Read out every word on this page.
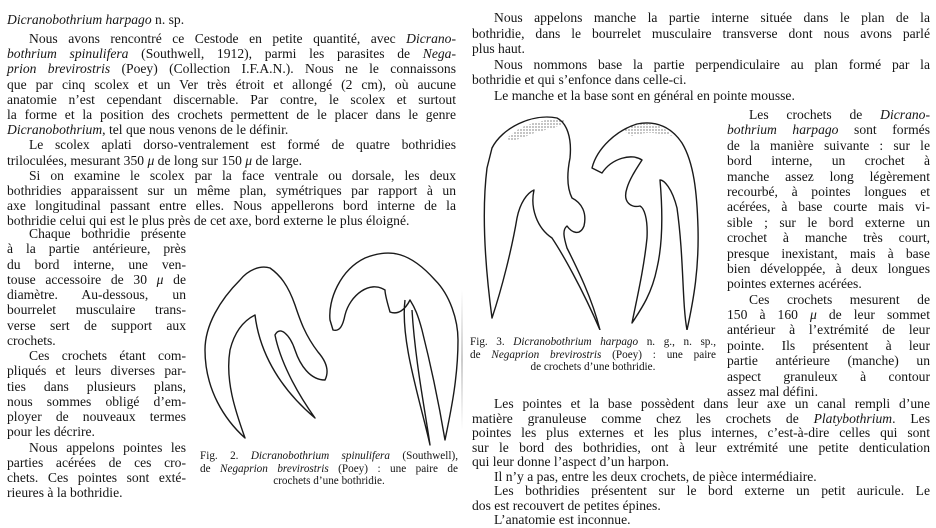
Dicranobothrium harpago n. sp.
Nous avons rencontré ce Cestode en petite quantité, avec Dicrano-
bothrium spinulifera (Southwell, 1912), parmi les parasites de Nega-
prion brevirostris (Poey) (Collection I.F.A.N.). Nous ne le connaissons
que par cinq scolex et un Ver très étroit et allongé (2 cm), où aucune
anatomie n’est cependant discernable. Par contre, le scolex et surtout
la forme et la position des crochets permettent de le placer dans le genre
Dicranobothrium, tel que nous venons de le définir.
Le scolex aplati dorso-ventralement est formé de quatre bothridies
triloculées, mesurant 350 μ de long sur 150 μ de large.
Si on examine le scolex par la face ventrale ou dorsale, les deux
bothridies apparaissent sur un même plan, symétriques par rapport à un
axe longitudinal passant entre elles. Nous appellerons bord interne de la
bothridie celui qui est le plus près de cet axe, bord externe le plus éloigné.
Chaque bothridie présente
à la partie antérieure, près
du bord interne, une ven-
touse accessoire de 30 μ de
diamètre. Au-dessous, un
bourrelet musculaire trans-
verse sert de support aux
crochets.
Ces crochets étant com-
pliqués et leurs diverses par-
ties dans plusieurs plans,
nous sommes obligé d’em-
ployer de nouveaux termes
pour les décrire.
Nous appelons pointes les
parties acérées de ces cro-
chets. Ces pointes sont exté-
rieures à la bothridie.
Fig. 2. Dicranobothrium spinulifera (Southwell),
de Negaprion brevirostris (Poey) : une paire de
crochets d’une bothridie.
Nous appelons manche la partie interne située dans le plan de la
bothridie, dans le bourrelet musculaire transverse dont nous avons parlé
plus haut.
Nous nommons base la partie perpendiculaire au plan formé par la
bothridie et qui s’enfonce dans celle-ci.
Le manche et la base sont en général en pointe mousse.
Fig. 3. Dicranobothrium harpago n. g., n. sp.,
de Negaprion brevirostris (Poey) : une paire
de crochets d’une bothridie.
Les crochets de Dicrano-
bothrium harpago sont formés
de la manière suivante : sur le
bord interne, un crochet à
manche assez long légèrement
recourbé, à pointes longues et
acérées, à base courte mais vi-
sible ; sur le bord externe un
crochet à manche très court,
presque inexistant, mais à base
bien développée, à deux longues
pointes externes acérées.
Ces crochets mesurent de
150 à 160 μ de leur sommet
antérieur à l’extrémité de leur
pointe. Ils présentent à leur
partie antérieure (manche) un
aspect granuleux à contour
assez mal défini.
Les pointes et la base possèdent dans leur axe un canal rempli d’une
matière granuleuse comme chez les crochets de Platybothrium. Les
pointes les plus externes et les plus internes, c’est-à-dire celles qui sont
sur le bord des bothridies, ont à leur extrémité une petite denticulation
qui leur donne l’aspect d’un harpon.
Il n’y a pas, entre les deux crochets, de pièce intermédiaire.
Les bothridies présentent sur le bord externe un petit auricule. Le
dos est recouvert de petites épines.
L’anatomie est inconnue.
